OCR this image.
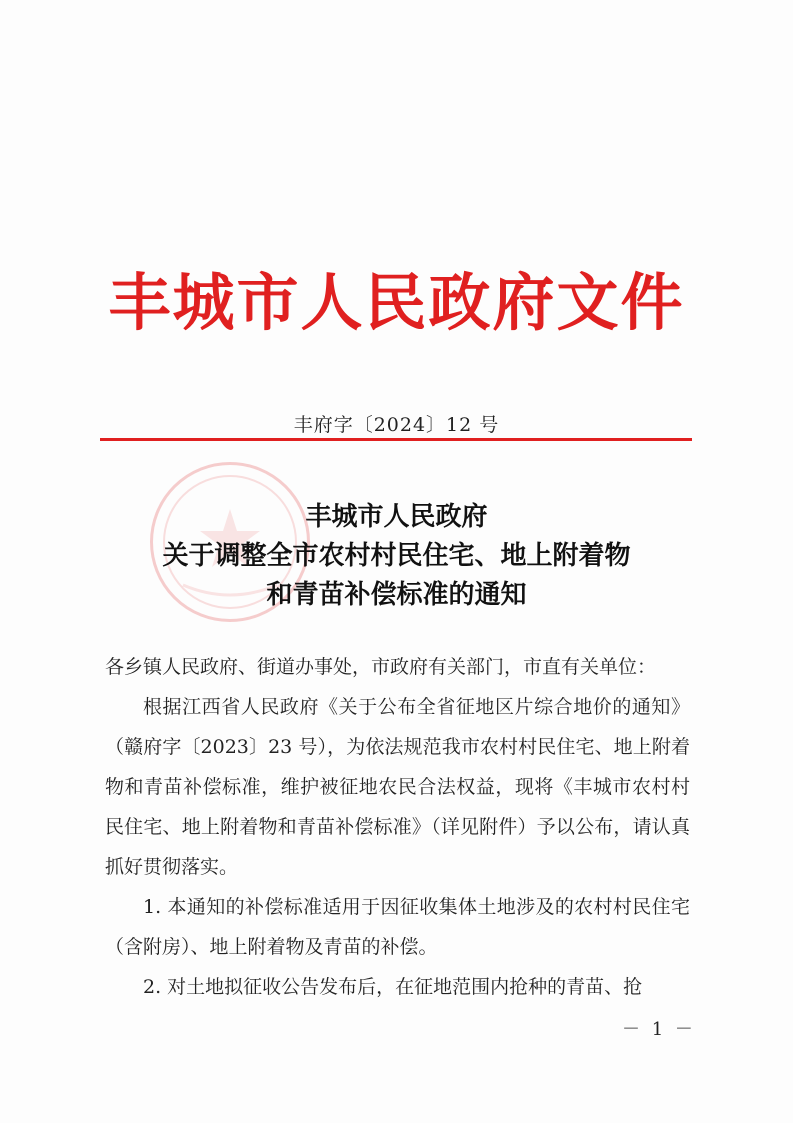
丰城市人民政府文件
丰府字〔2024〕12 号
丰城市人民政府
关于调整全市农村村民住宅、地上附着物
和青苗补偿标准的通知

各乡镇人民政府、街道办事处，市政府有关部门，市直有关单位：

根据江西省人民政府《关于公布全省征地区片综合地价的通知》（赣府字〔2023〕23 号），为依法规范我市农村村民住宅、地上附着物和青苗补偿标准，维护被征地农民合法权益，现将《丰城市农村村民住宅、地上附着物和青苗补偿标准》（详见附件）予以公布，请认真抓好贯彻落实。

1. 本通知的补偿标准适用于因征收集体土地涉及的农村村民住宅（含附房）、地上附着物及青苗的补偿。

2. 对土地拟征收公告发布后，在征地范围内抢种的青苗、抢

－ 1 －
